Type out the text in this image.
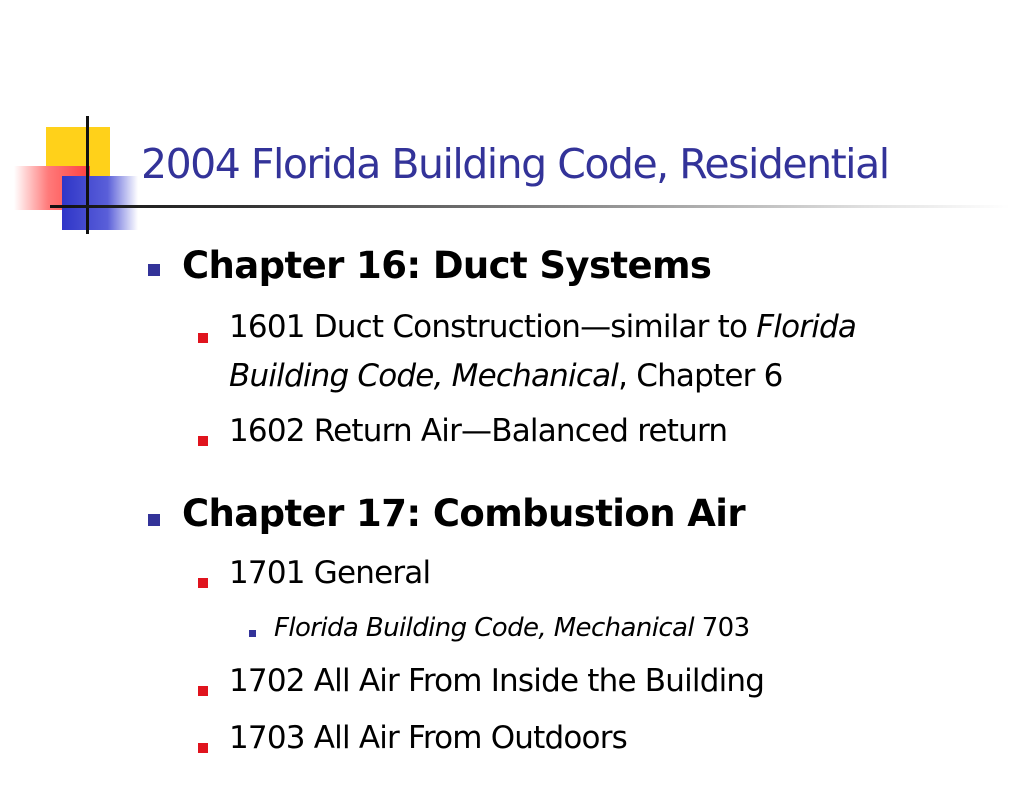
2004 Florida Building Code, Residential

Chapter 16: Duct Systems

1601 Duct Construction—similar to Florida

Building Code, Mechanical, Chapter 6

1602 Return Air—Balanced return

Chapter 17: Combustion Air

1701 General

Florida Building Code, Mechanical 703

1702 All Air From Inside the Building

1703 All Air From Outdoors
